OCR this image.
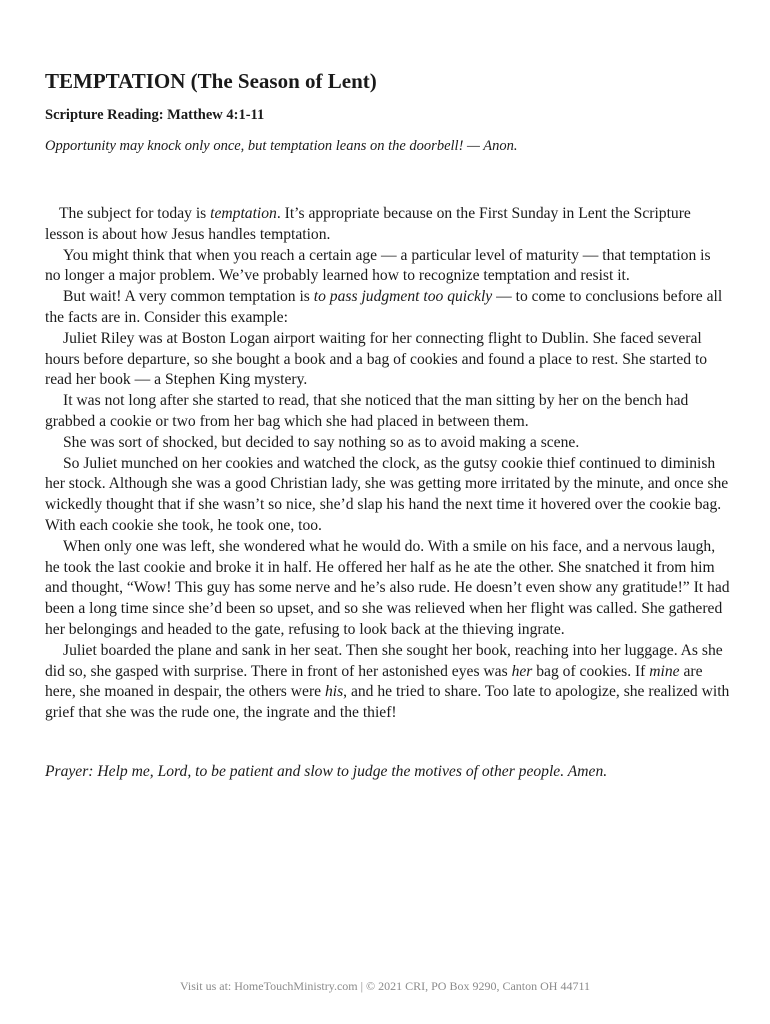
TEMPTATION (The Season of Lent)
Scripture Reading: Matthew 4:1-11
Opportunity may knock only once, but temptation leans on the doorbell! — Anon.

The subject for today is temptation. It’s appropriate because on the First Sunday in Lent the Scripture lesson is about how Jesus handles temptation.

You might think that when you reach a certain age — a particular level of maturity — that temptation is no longer a major problem. We’ve probably learned how to recognize temptation and resist it.

But wait! A very common temptation is to pass judgment too quickly — to come to conclusions before all the facts are in. Consider this example:

Juliet Riley was at Boston Logan airport waiting for her connecting flight to Dublin. She faced several hours before departure, so she bought a book and a bag of cookies and found a place to rest. She started to read her book — a Stephen King mystery.

It was not long after she started to read, that she noticed that the man sitting by her on the bench had grabbed a cookie or two from her bag which she had placed in between them.

She was sort of shocked, but decided to say nothing so as to avoid making a scene.

So Juliet munched on her cookies and watched the clock, as the gutsy cookie thief continued to diminish her stock. Although she was a good Christian lady, she was getting more irritated by the minute, and once she wickedly thought that if she wasn’t so nice, she’d slap his hand the next time it hovered over the cookie bag. With each cookie she took, he took one, too.

When only one was left, she wondered what he would do. With a smile on his face, and a nervous laugh, he took the last cookie and broke it in half. He offered her half as he ate the other. She snatched it from him and thought, “Wow! This guy has some nerve and he’s also rude. He doesn’t even show any gratitude!” It had been a long time since she’d been so upset, and so she was relieved when her flight was called. She gathered her belongings and headed to the gate, refusing to look back at the thieving ingrate.

Juliet boarded the plane and sank in her seat. Then she sought her book, reaching into her luggage. As she did so, she gasped with surprise. There in front of her astonished eyes was her bag of cookies. If mine are here, she moaned in despair, the others were his, and he tried to share. Too late to apologize, she realized with grief that she was the rude one, the ingrate and the thief!

Prayer: Help me, Lord, to be patient and slow to judge the motives of other people. Amen.
Visit us at: HomeTouchMinistry.com | © 2021 CRI, PO Box 9290, Canton OH 44711
